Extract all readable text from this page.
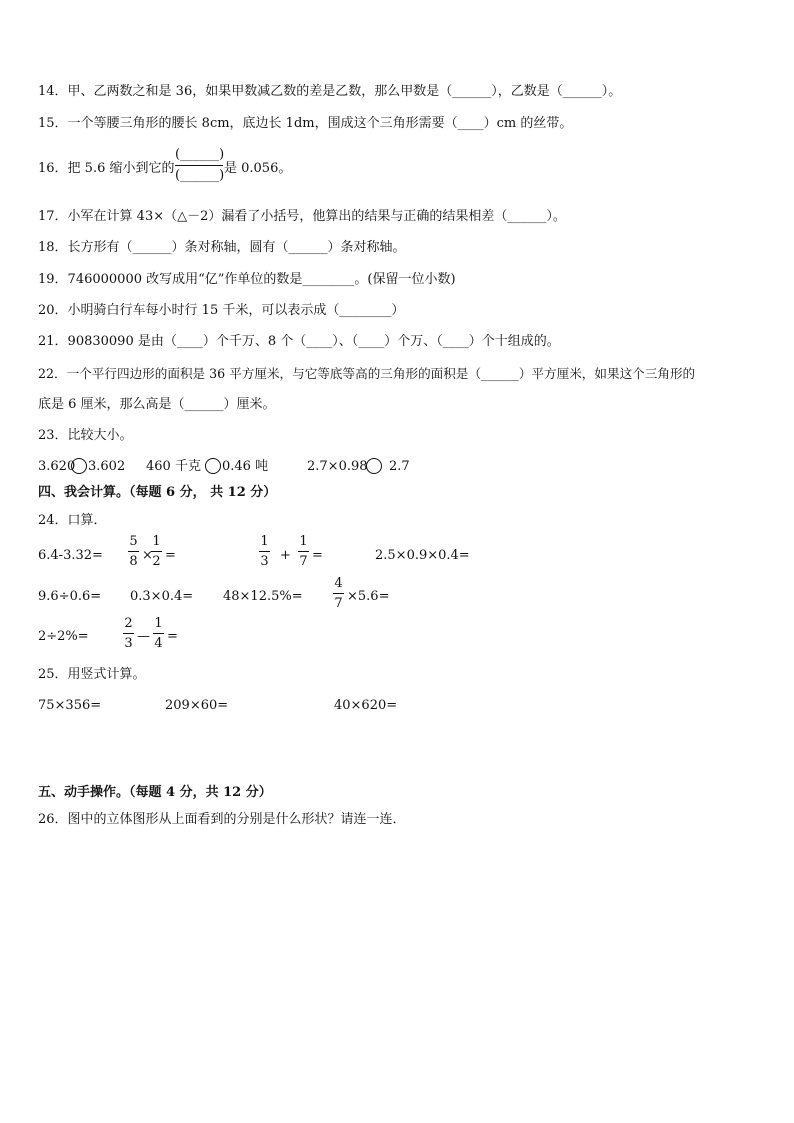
14．甲、乙两数之和是 36，如果甲数减乙数的差是乙数，那么甲数是（______），乙数是（______）。
15．一个等腰三角形的腰长 8cm，底边长 1dm，围成这个三角形需要（____）cm 的丝带。
16．把 5.6 缩小到它的
(______)
(______) 是 0.056。
17．小军在计算 43×（△－2）漏看了小括号，他算出的结果与正确的结果相差（______）。
18．长方形有（______）条对称轴，圆有（______）条对称轴。
19．746000000 改写成用“亿”作单位的数是________。(保留一位小数)
20．小明骑白行车每小时行 15 千米，可以表示成（________）
21．90830090 是由（____）个千万、8 个（____）、（____）个万、（____）个十组成的。
22．一个平行四边形的面积是 36 平方厘米，与它等底等高的三角形的面积是（______）平方厘米，如果这个三角形的
底是 6 厘米，那么高是（______）厘米。
23．比较大小。
3.620 3.602 460 千克 0.46 吨	2.7×0.98 2.7
四、我会计算。（每题 6 分， 共 12 分）
24．口算．
6.4-3.32=
5
8 ×
1
2 =
1
3 +
1
7 =	2.5×0.9×0.4=
9.6÷0.6= 0.3×0.4= 48×12.5%=
4
7 ×5.6=
2÷2%=
2
3 —
1
4 =
25．用竖式计算。
75×356=	209×60=	40×620=
五、动手操作。（每题 4 分，共 12 分）
26．图中的立体图形从上面看到的分别是什么形状？请连一连．
